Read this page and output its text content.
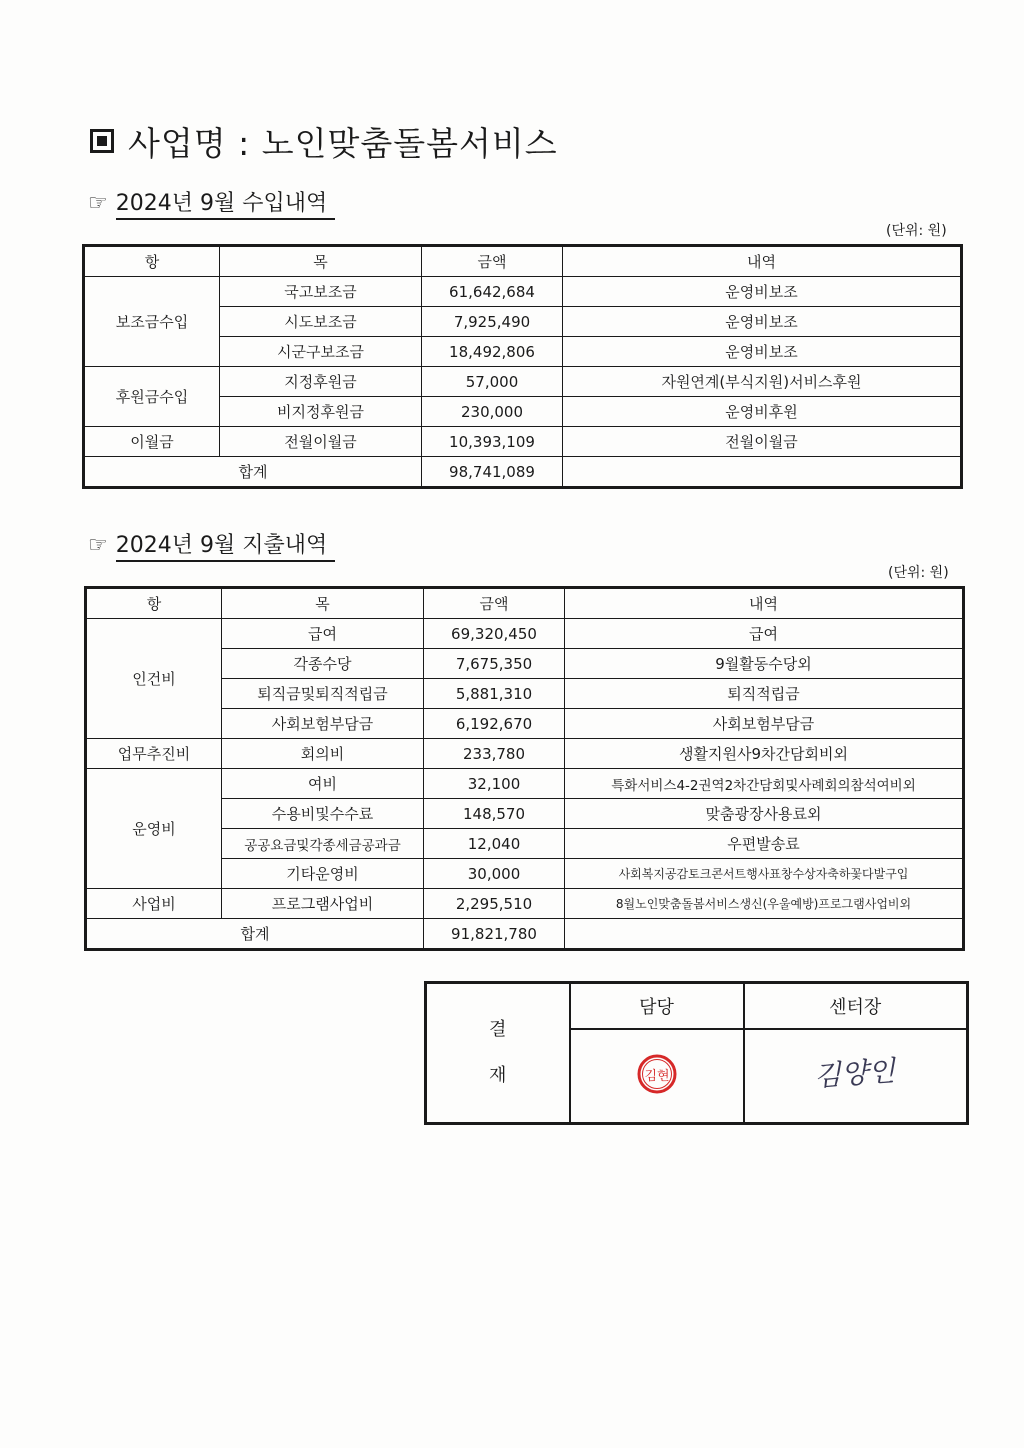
사업명 : 노인맞춤돌봄서비스
☞ 2024년 9월 수입내역
(단위: 원)
항	목	금액	내역
보조금수입	국고보조금	61,642,684	운영비보조
	시도보조금	7,925,490	운영비보조
	시군구보조금	18,492,806	운영비보조
후원금수입	지정후원금	57,000	자원연계(부식지원)서비스후원
	비지정후원금	230,000	운영비후원
이월금	전월이월금	10,393,109	전월이월금
합계		98,741,089	
☞ 2024년 9월 지출내역
(단위: 원)
항	목	금액	내역
인건비	급여	69,320,450	급여
	각종수당	7,675,350	9월활동수당외
	퇴직금및퇴직적립금	5,881,310	퇴직적립금
	사회보험부담금	6,192,670	사회보험부담금
업무추진비	회의비	233,780	생활지원사9차간담회비외
운영비	여비	32,100	특화서비스4-2권역2차간담회및사례회의참석여비외
	수용비및수수료	148,570	맞춤광장사용료외
	공공요금및각종세금공과금	12,040	우편발송료
	기타운영비	30,000	사회복지공감토크콘서트행사표창수상자축하꽃다발구입
사업비	프로그램사업비	2,295,510	8월노인맞춤돌봄서비스생신(우울예방)프로그램사업비외
합계		91,821,780	
결
재	담당	센터장

김현	김양인
